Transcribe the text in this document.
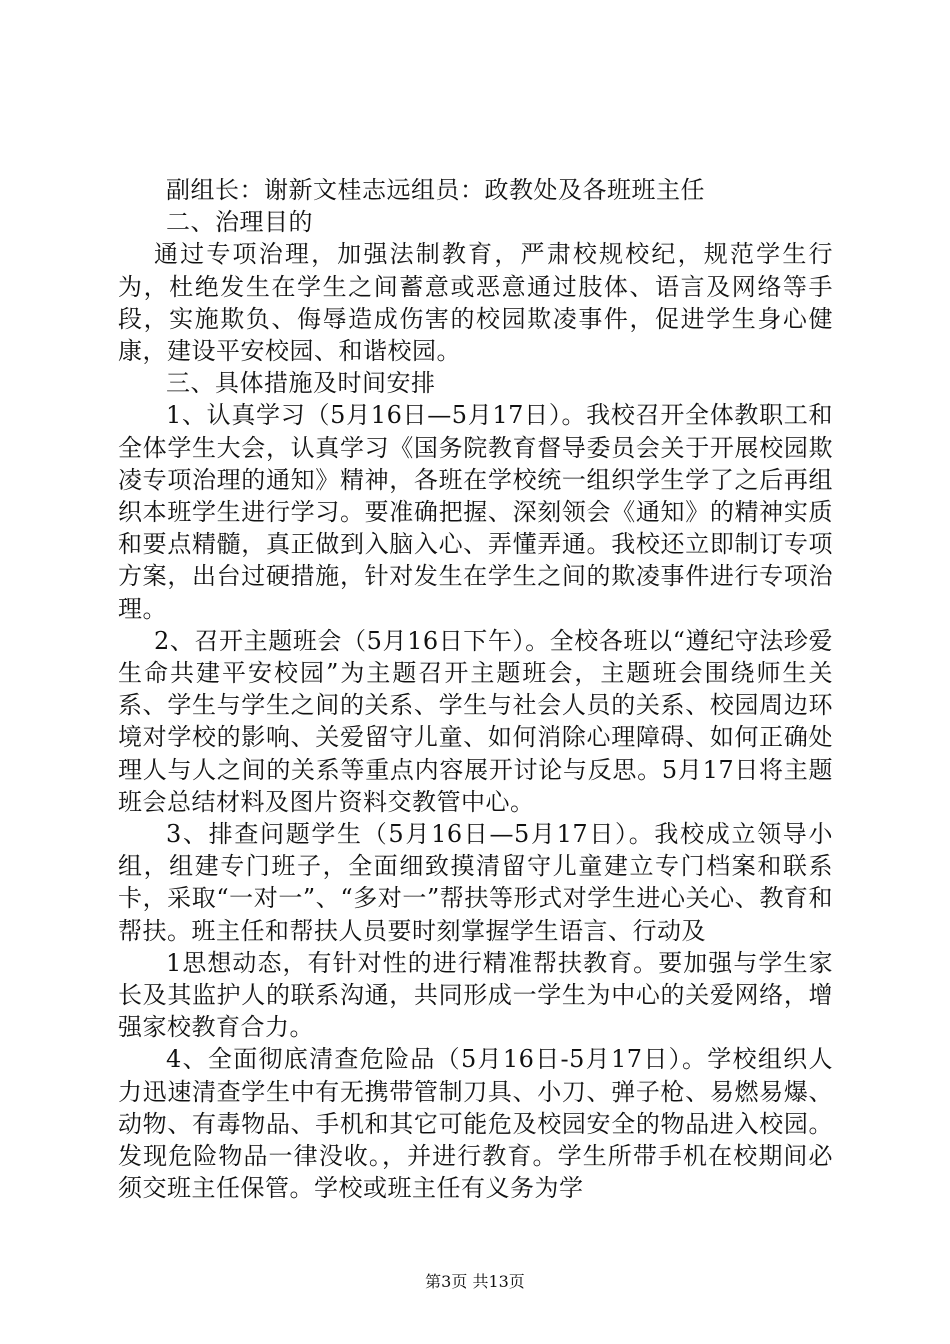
副组长：谢新文桂志远组员：政教处及各班班主任

二、治理目的

通过专项治理，加强法制教育，严肃校规校纪，规范学生行为，杜绝发生在学生之间蓄意或恶意通过肢体、语言及网络等手段，实施欺负、侮辱造成伤害的校园欺凌事件，促进学生身心健康，建设平安校园、和谐校园。

三、具体措施及时间安排

1、认真学习（5月16日—5月17日）。我校召开全体教职工和全体学生大会，认真学习《国务院教育督导委员会关于开展校园欺凌专项治理的通知》精神，各班在学校统一组织学生学了之后再组织本班学生进行学习。要准确把握、深刻领会《通知》的精神实质和要点精髓，真正做到入脑入心、弄懂弄通。我校还立即制订专项方案，出台过硬措施，针对发生在学生之间的欺凌事件进行专项治理。

2、召开主题班会（5月16日下午）。全校各班以“遵纪守法珍爱生命共建平安校园”为主题召开主题班会，主题班会围绕师生关系、学生与学生之间的关系、学生与社会人员的关系、校园周边环境对学校的影响、关爱留守儿童、如何消除心理障碍、如何正确处理人与人之间的关系等重点内容展开讨论与反思。5月17日将主题班会总结材料及图片资料交教管中心。

3、排查问题学生（5月16日—5月17日）。我校成立领导小组，组建专门班子，全面细致摸清留守儿童建立专门档案和联系卡，采取“一对一”、“多对一”帮扶等形式对学生进心关心、教育和帮扶。班主任和帮扶人员要时刻掌握学生语言、行动及

1思想动态，有针对性的进行精准帮扶教育。要加强与学生家长及其监护人的联系沟通，共同形成一学生为中心的关爱网络，增强家校教育合力。

4、全面彻底清查危险品（5月16日-5月17日）。学校组织人力迅速清查学生中有无携带管制刀具、小刀、弹子枪、易燃易爆、动物、有毒物品、手机和其它可能危及校园安全的物品进入校园。发现危险物品一律没收。，并进行教育。学生所带手机在校期间必须交班主任保管。学校或班主任有义务为学

第3页 共13页
